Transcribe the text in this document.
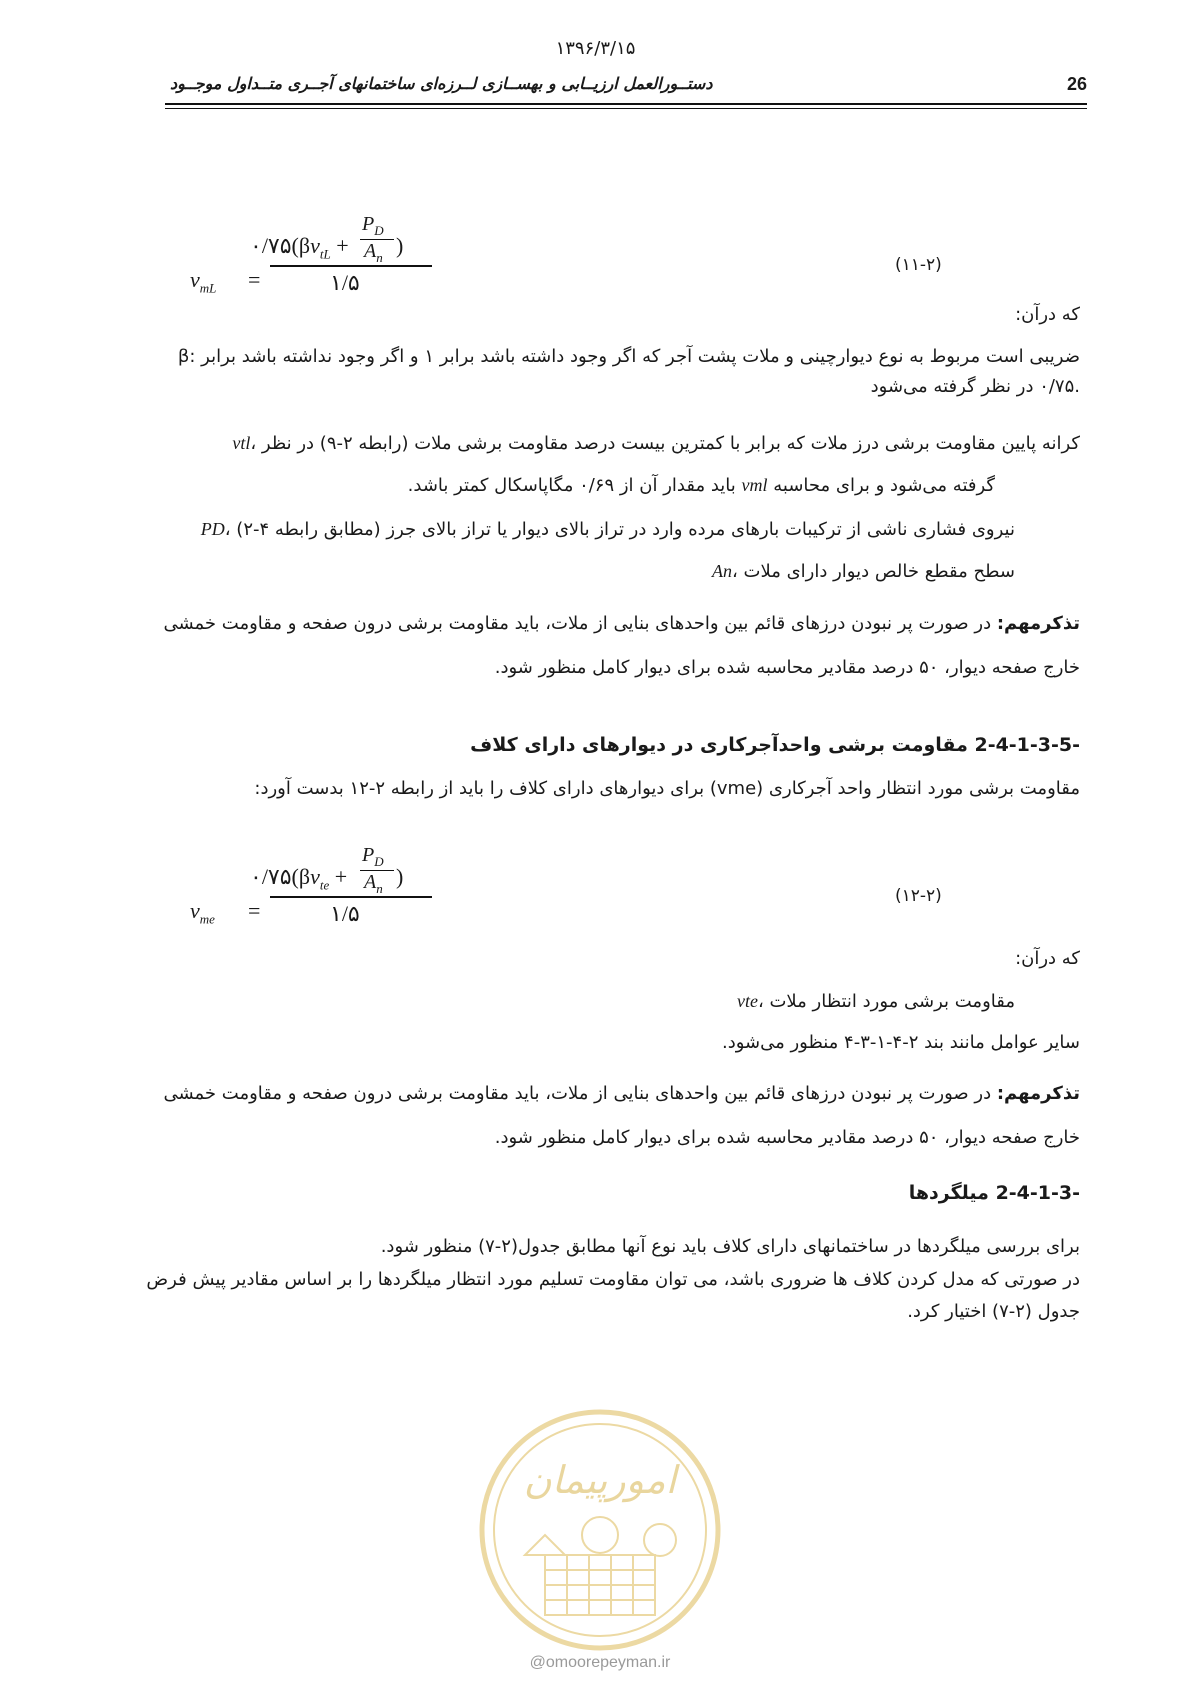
۱۳۹۶/۳/۱۵
دستــورالعمل ارزیــابی و بهســازی لــرزه‌ای ساختمانهای آجــری متــداول موجــود	26
$v_{mL}$ =
$۰/۷۵(\beta v_{tL}$ +
$P_D$
$A_n$ )
۱/۵
(۱۱-۲)
که درآن:
β: ضریبی است مربوط به نوع دیوارچینی و ملات پشت آجر که اگر وجود داشته باشد برابر ۱ و اگر وجود نداشته باشد برابر ۰/۷۵ در نظر گرفته می‌شود.
vtl، کرانه پایین مقاومت برشی درز ملات که برابر با کمترین بیست درصد مقاومت برشی ملات (رابطه ۲-۹) در نظر
گرفته می‌شود و برای محاسبه vml باید مقدار آن از ۰/۶۹ مگاپاسکال کمتر باشد.
PD، نیروی فشاری ناشی از ترکیبات بارهای مرده وارد در تراز بالای دیوار یا تراز بالای جرز (مطابق رابطه ۴-۲)
An، سطح مقطع خالص دیوار دارای ملات
تذکرمهم: در صورت پر نبودن درزهای قائم بین واحدهای بنایی از ملات، باید مقاومت برشی درون صفحه و مقاومت خمشی خارج صفحه دیوار، ۵۰ درصد مقادیر محاسبه شده برای دیوار کامل منظور شود.
2-4-1-3-5- مقاومت برشی واحدآجرکاری در دیوارهای دارای کلاف
مقاومت برشی مورد انتظار واحد آجرکاری (vme) برای دیوارهای دارای کلاف را باید از رابطه ۲-۱۲ بدست آورد:
$v_{me}$ =
$۰/۷۵(\beta v_{te}$ +
$P_D$
$A_n$ )
۱/۵
(۱۲-۲)
که درآن:
vte، مقاومت برشی مورد انتظار ملات
سایر عوامل مانند بند ۲-۴-۱-۳-۴ منظور می‌شود.
تذکرمهم: در صورت پر نبودن درزهای قائم بین واحدهای بنایی از ملات، باید مقاومت برشی درون صفحه و مقاومت خمشی خارج صفحه دیوار، ۵۰ درصد مقادیر محاسبه شده برای دیوار کامل منظور شود.
2-4-1-3- میلگردها
برای بررسی میلگردها در ساختمانهای دارای کلاف باید نوع آنها مطابق جدول(۲-۷) منظور شود.
در صورتی که مدل کردن کلاف ها ضروری باشد، می توان مقاومت تسلیم مورد انتظار میلگردها را بر اساس مقادیر پیش فرض جدول (۲-۷) اختیار کرد.
امورپیمان
@omoorepeyman.ir
